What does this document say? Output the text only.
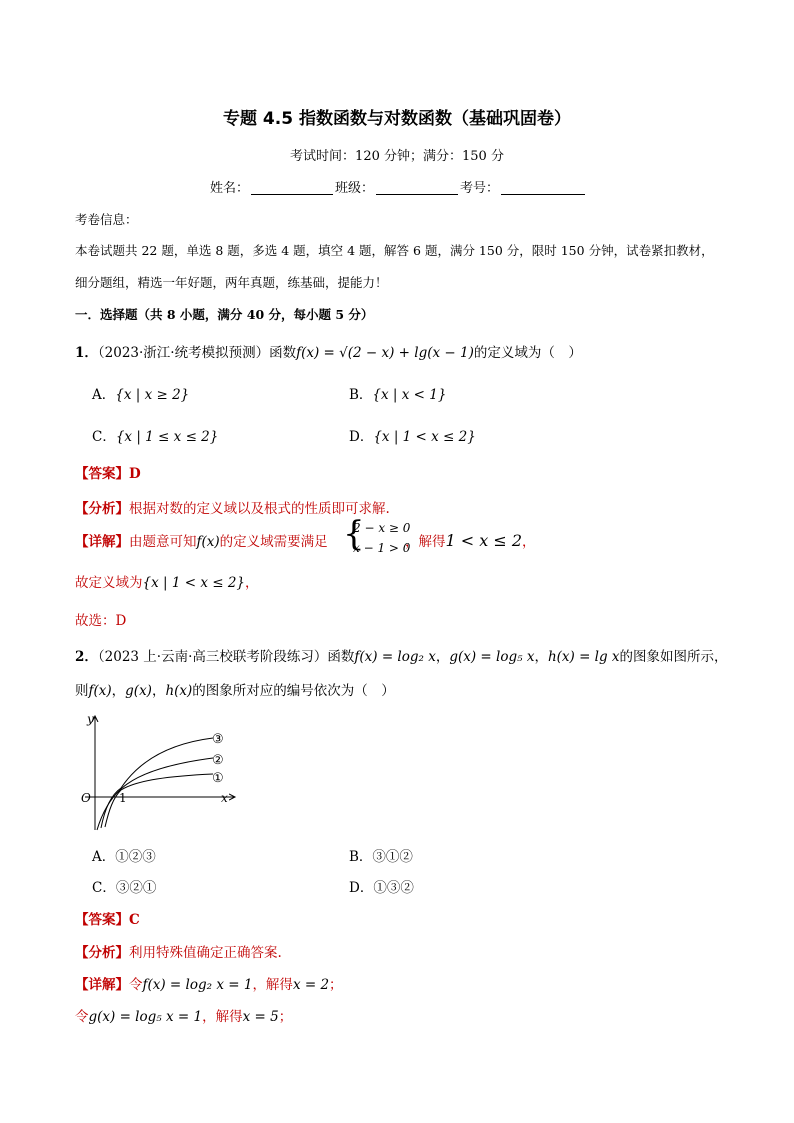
专题 4.5 指数函数与对数函数（基础巩固卷）
考试时间：120 分钟；满分：150 分
姓名：	班级：	考号：
考卷信息：
本卷试题共 22 题，单选 8 题，多选 4 题，填空 4 题，解答 6 题，满分 150 分，限时 150 分钟，试卷紧扣教材，
细分题组，精选一年好题，两年真题，练基础，提能力！
一．选择题（共 8 小题，满分 40 分，每小题 5 分）
1．（2023·浙江·统考模拟预测）函数f(x) = √(2 − x) + lg(x − 1)的定义域为（　）
A．{x | x ≥ 2}	B．{x | x < 1}
C．{x | 1 ≤ x ≤ 2}	D．{x | 1 < x ≤ 2}
【答案】D
【分析】根据对数的定义域以及根式的性质即可求解.
【详解】由题意可知f(x)的定义域需要满足 {
2 − x ≥ 0
x − 1 > 0
，解得1 < x ≤ 2，
故定义域为{x | 1 < x ≤ 2}，
故选：D
2．（2023 上·云南·高三校联考阶段练习）函数f(x) = log₂ x，g(x) = log₅ x，h(x) = lg x的图象如图所示，
则f(x)，g(x)，h(x)的图象所对应的编号依次为（　）
y
x
O 1
③
②
①
A．①②③	B．③①②
C．③②①	D．①③②
【答案】C
【分析】利用特殊值确定正确答案.
【详解】令f(x) = log₂ x = 1，解得x = 2；
令g(x) = log₅ x = 1，解得x = 5；
